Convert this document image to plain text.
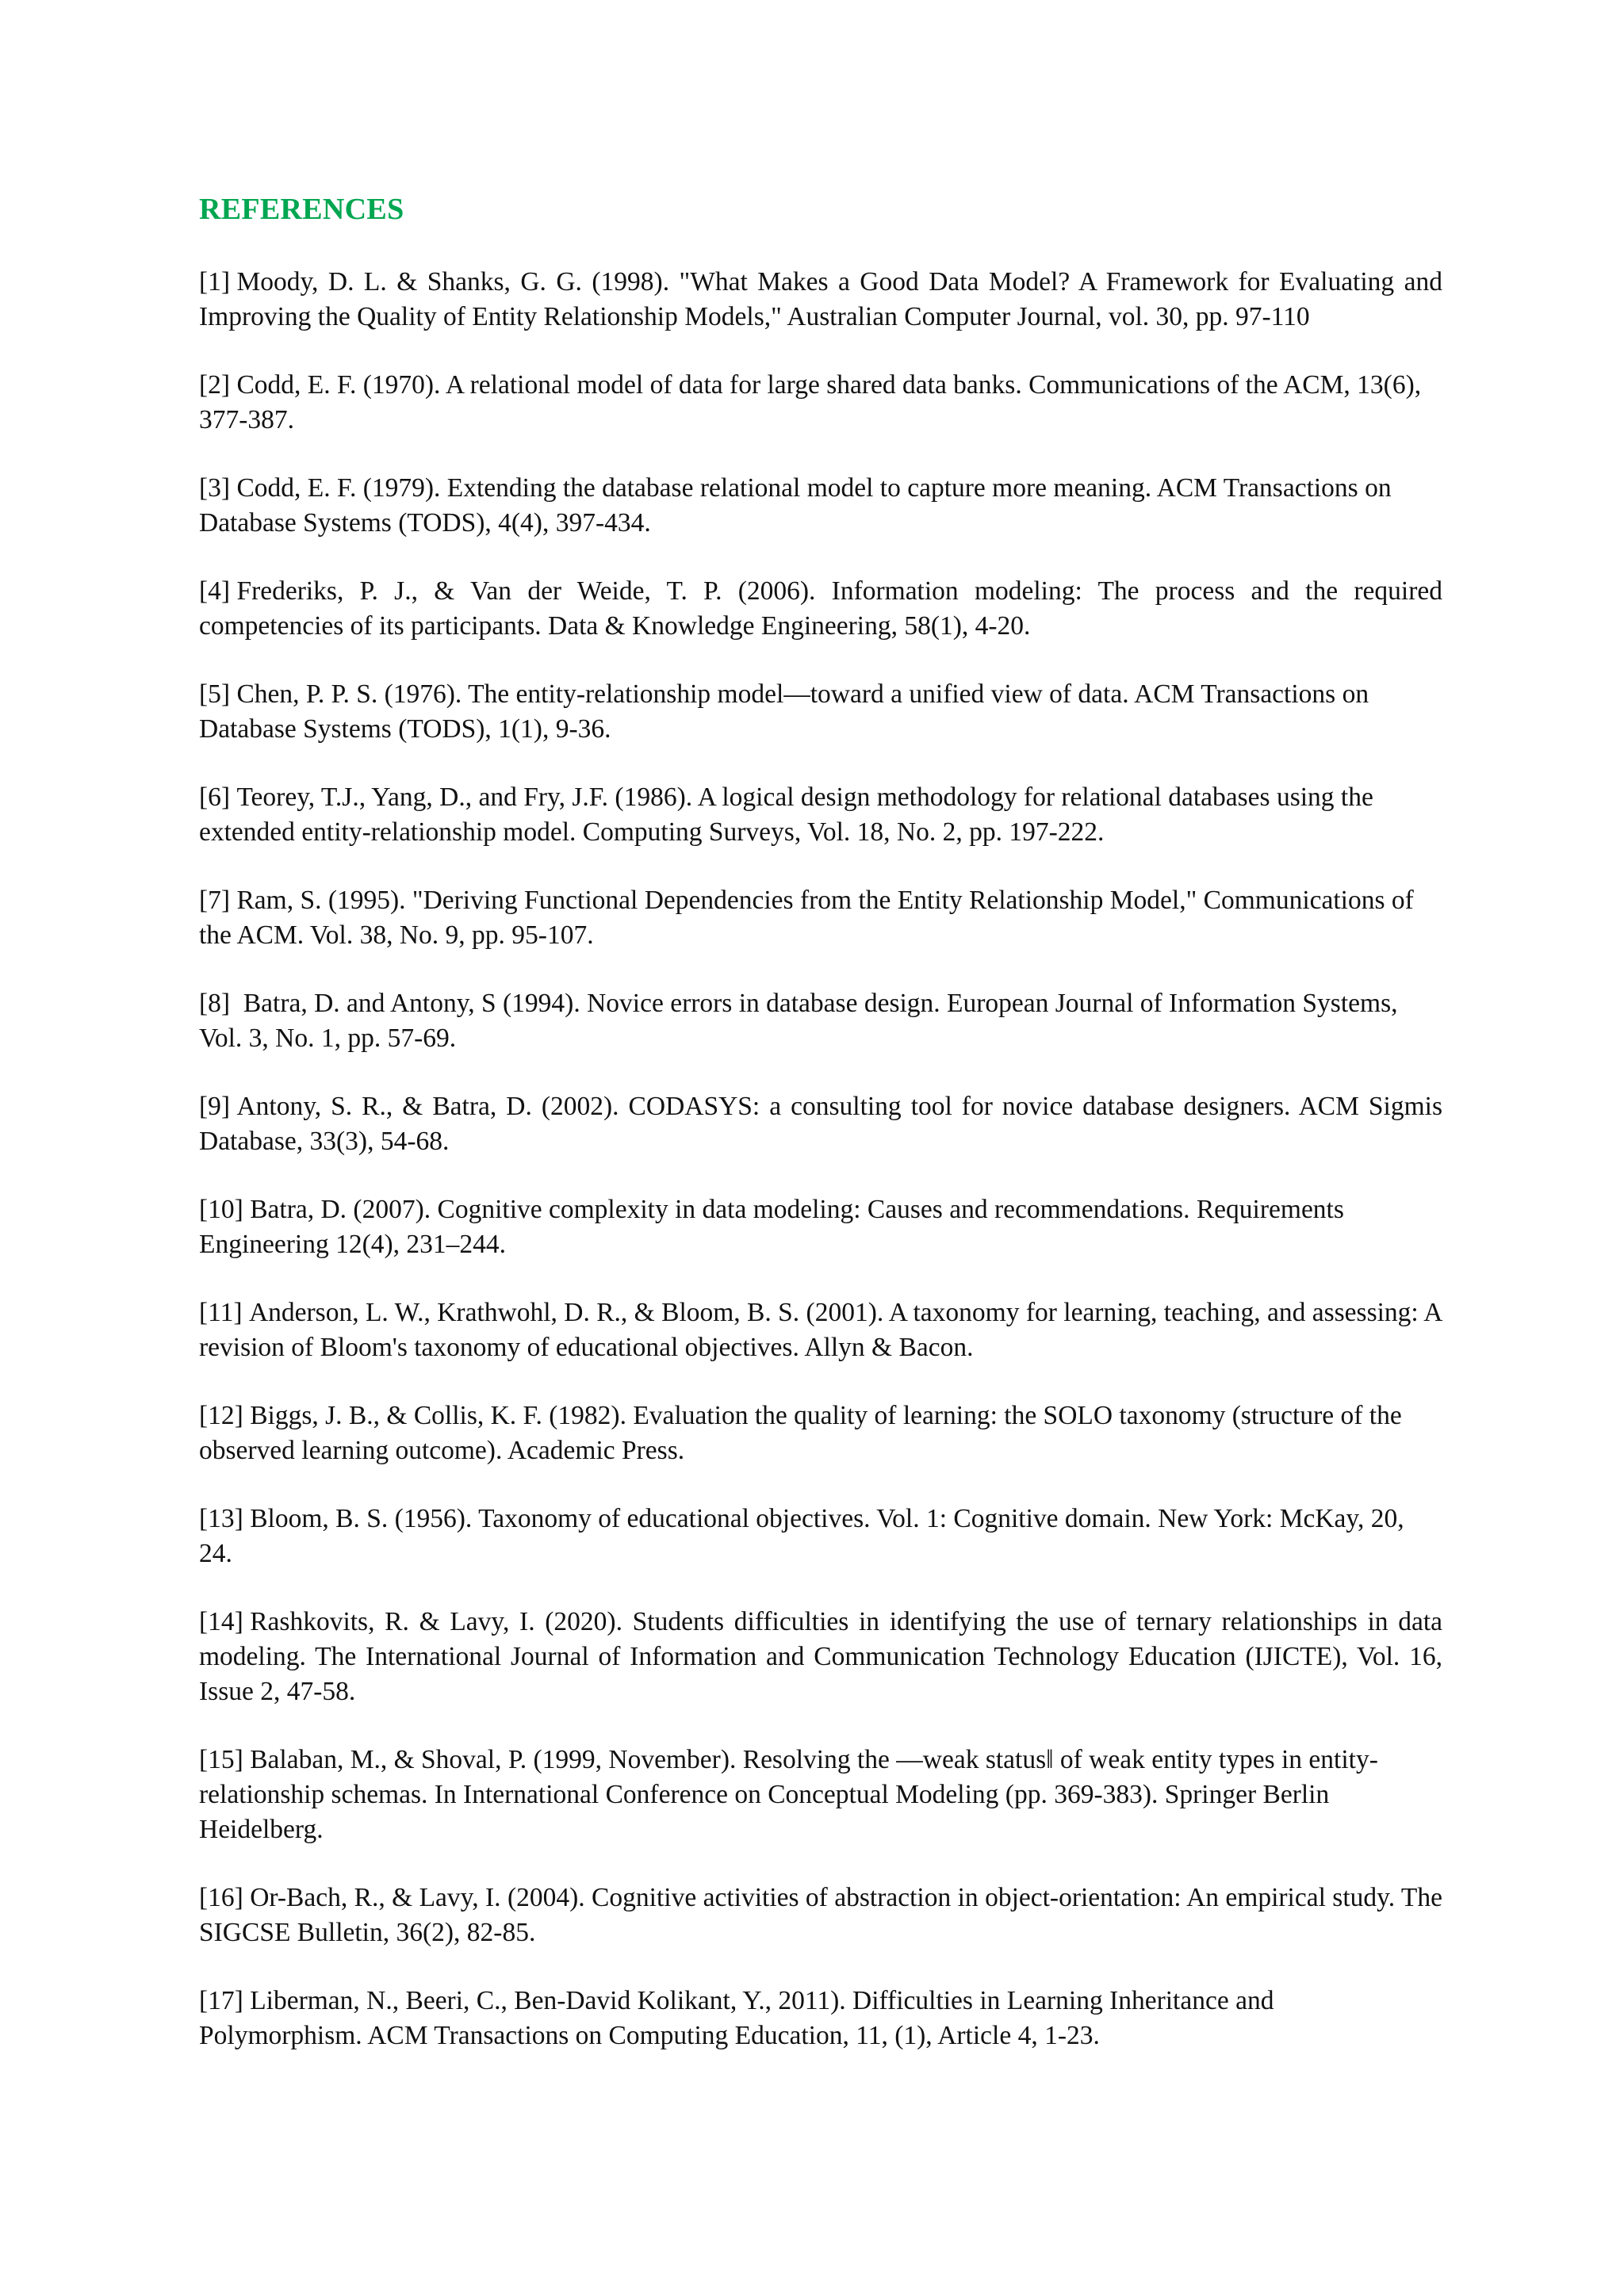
REFERENCES
[1] Moody, D. L. & Shanks, G. G. (1998). "What Makes a Good Data Model? A Framework for Evaluating and Improving the Quality of Entity Relationship Models," Australian Computer Journal, vol. 30, pp. 97-110
[2] Codd, E. F. (1970). A relational model of data for large shared data banks. Communications of the ACM, 13(6), 377-387.
[3] Codd, E. F. (1979). Extending the database relational model to capture more meaning. ACM Transactions on Database Systems (TODS), 4(4), 397-434.
[4] Frederiks, P. J., & Van der Weide, T. P. (2006). Information modeling: The process and the required competencies of its participants. Data & Knowledge Engineering, 58(1), 4-20.
[5] Chen, P. P. S. (1976). The entity-relationship model—toward a unified view of data. ACM Transactions on Database Systems (TODS), 1(1), 9-36.
[6] Teorey, T.J., Yang, D., and Fry, J.F. (1986). A logical design methodology for relational databases using the extended entity-relationship model. Computing Surveys, Vol. 18, No. 2, pp. 197-222.
[7] Ram, S. (1995). "Deriving Functional Dependencies from the Entity Relationship Model," Communications of the ACM. Vol. 38, No. 9, pp. 95-107.
[8] Batra, D. and Antony, S (1994). Novice errors in database design. European Journal of Information Systems, Vol. 3, No. 1, pp. 57-69.
[9] Antony, S. R., & Batra, D. (2002). CODASYS: a consulting tool for novice database designers. ACM Sigmis Database, 33(3), 54-68.
[10] Batra, D. (2007). Cognitive complexity in data modeling: Causes and recommendations. Requirements Engineering 12(4), 231–244.
[11] Anderson, L. W., Krathwohl, D. R., & Bloom, B. S. (2001). A taxonomy for learning, teaching, and assessing: A revision of Bloom's taxonomy of educational objectives. Allyn & Bacon.
[12] Biggs, J. B., & Collis, K. F. (1982). Evaluation the quality of learning: the SOLO taxonomy (structure of the observed learning outcome). Academic Press.
[13] Bloom, B. S. (1956). Taxonomy of educational objectives. Vol. 1: Cognitive domain. New York: McKay, 20, 24.
[14] Rashkovits, R. & Lavy, I. (2020). Students difficulties in identifying the use of ternary relationships in data modeling. The International Journal of Information and Communication Technology Education (IJICTE), Vol. 16, Issue 2, 47-58.
[15] Balaban, M., & Shoval, P. (1999, November). Resolving the ―weak status‖ of weak entity types in entity-relationship schemas. In International Conference on Conceptual Modeling (pp. 369-383). Springer Berlin Heidelberg.
[16] Or-Bach, R., & Lavy, I. (2004). Cognitive activities of abstraction in object-orientation: An empirical study. The SIGCSE Bulletin, 36(2), 82-85.
[17] Liberman, N., Beeri, C., Ben-David Kolikant, Y., 2011). Difficulties in Learning Inheritance and Polymorphism. ACM Transactions on Computing Education, 11, (1), Article 4, 1-23.
